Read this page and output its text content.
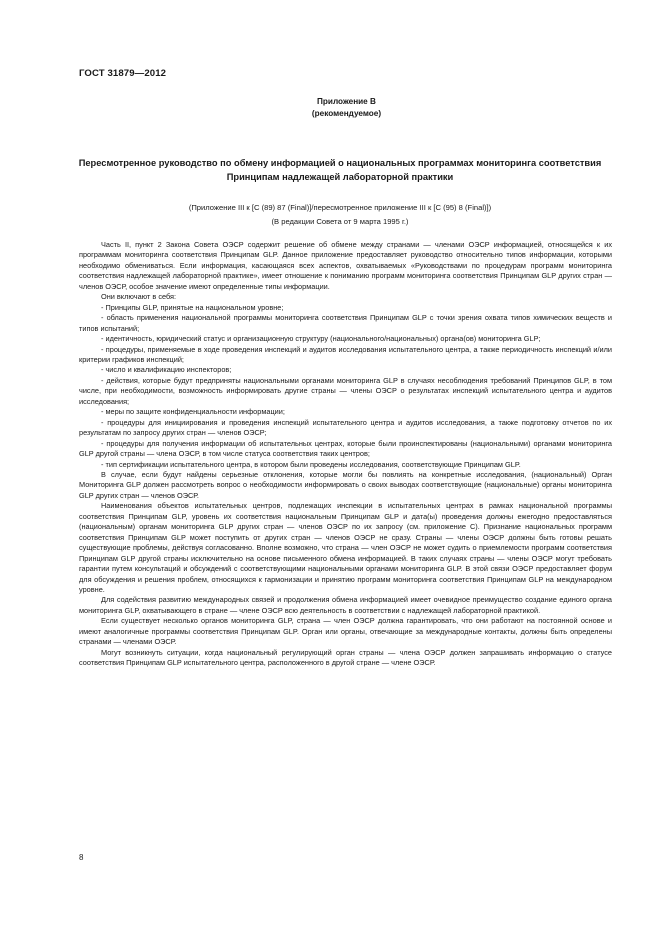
ГОСТ 31879—2012
Приложение В
(рекомендуемое)
Пересмотренное руководство по обмену информацией о национальных программах мониторинга соответствия Принципам надлежащей лабораторной практики
(Приложение III к [С (89) 87 (Final)]/пересмотренное приложение III к [С (95) 8 (Final)])
(В редакции Совета от 9 марта 1995 г.)

Часть II, пункт 2 Закона Совета ОЭСР содержит решение об обмене между странами — членами ОЭСР информацией, относящейся к их программам мониторинга соответствия Принципам GLP. Данное приложение предоставляет руководство относительно типов информации, которыми необходимо обмениваться. Если информация, касающаяся всех аспектов, охватываемых «Руководствами по процедурам программ мониторинга соответствия надлежащей лабораторной практике», имеет отношение к пониманию программ мониторинга соответствия Принципам GLP других стран — членов ОЭСР, особое значение имеют определенные типы информации.

Они включают в себя:

- Принципы GLP, принятые на национальном уровне;

- область применения национальной программы мониторинга соответствия Принципам GLP с точки зрения охвата типов химических веществ и типов испытаний;

- идентичность, юридический статус и организационную структуру (национального/национальных) органа(ов) мониторинга GLP;

- процедуры, применяемые в ходе проведения инспекций и аудитов исследования испытательного центра, а также периодичность инспекций и/или критерии графиков инспекций;

- число и квалификацию инспекторов;

- действия, которые будут предприняты национальными органами мониторинга GLP в случаях несоблюдения требований Принципов GLP, в том числе, при необходимости, возможность информировать другие страны — члены ОЭСР о результатах инспекций испытательного центра и аудитов исследования;

- меры по защите конфиденциальности информации;

- процедуры для инициирования и проведения инспекций испытательного центра и аудитов исследования, а также подготовку отчетов по их результатам по запросу других стран — членов ОЭСР;

- процедуры для получения информации об испытательных центрах, которые были проинспектированы (национальными) органами мониторинга GLP другой страны — члена ОЭСР, в том числе статуса соответствия таких центров;

- тип сертификации испытательного центра, в котором были проведены исследования, соответствующие Принципам GLP.

В случае, если будут найдены серьезные отклонения, которые могли бы повлиять на конкретные исследования, (национальный) Орган Мониторинга GLP должен рассмотреть вопрос о необходимости информировать о своих выводах соответствующие (национальные) органы мониторинга GLP других стран — членов ОЭСР.

Наименования объектов испытательных центров, подлежащих инспекции в испытательных центрах в рамках национальной программы соответствия Принципам GLP, уровень их соответствия национальным Принципам GLP и дата(ы) проведения должны ежегодно предоставляться (национальным) органам мониторинга GLP других стран — членов ОЭСР по их запросу (см. приложение С). Признание национальных программ соответствия Принципам GLP может поступить от других стран — членов ОЭСР не сразу. Страны — члены ОЭСР должны быть готовы решать существующие проблемы, действуя согласованно. Вполне возможно, что страна — член ОЭСР не может судить о приемлемости программ соответствия Принципам GLP другой страны исключительно на основе письменного обмена информацией. В таких случаях страны — члены ОЭСР могут требовать гарантии путем консультаций и обсуждений с соответствующими национальными органами мониторинга GLP. В этой связи ОЭСР предоставляет форум для обсуждения и решения проблем, относящихся к гармонизации и принятию программ мониторинга соответствия Принципам GLP на международном уровне.

Для содействия развитию международных связей и продолжения обмена информацией имеет очевидное преимущество создание единого органа мониторинга GLP, охватывающего в стране — члене ОЭСР всю деятельность в соответствии с надлежащей лабораторной практикой.

Если существует несколько органов мониторинга GLP, страна — член ОЭСР должна гарантировать, что они работают на постоянной основе и имеют аналогичные программы соответствия Принципам GLP. Орган или органы, отвечающие за международные контакты, должны быть определены странами — членами ОЭСР.

Могут возникнуть ситуации, когда национальный регулирующий орган страны — члена ОЭСР должен запрашивать информацию о статусе соответствия Принципам GLP испытательного центра, расположенного в другой стране — члене ОЭСР.

8
